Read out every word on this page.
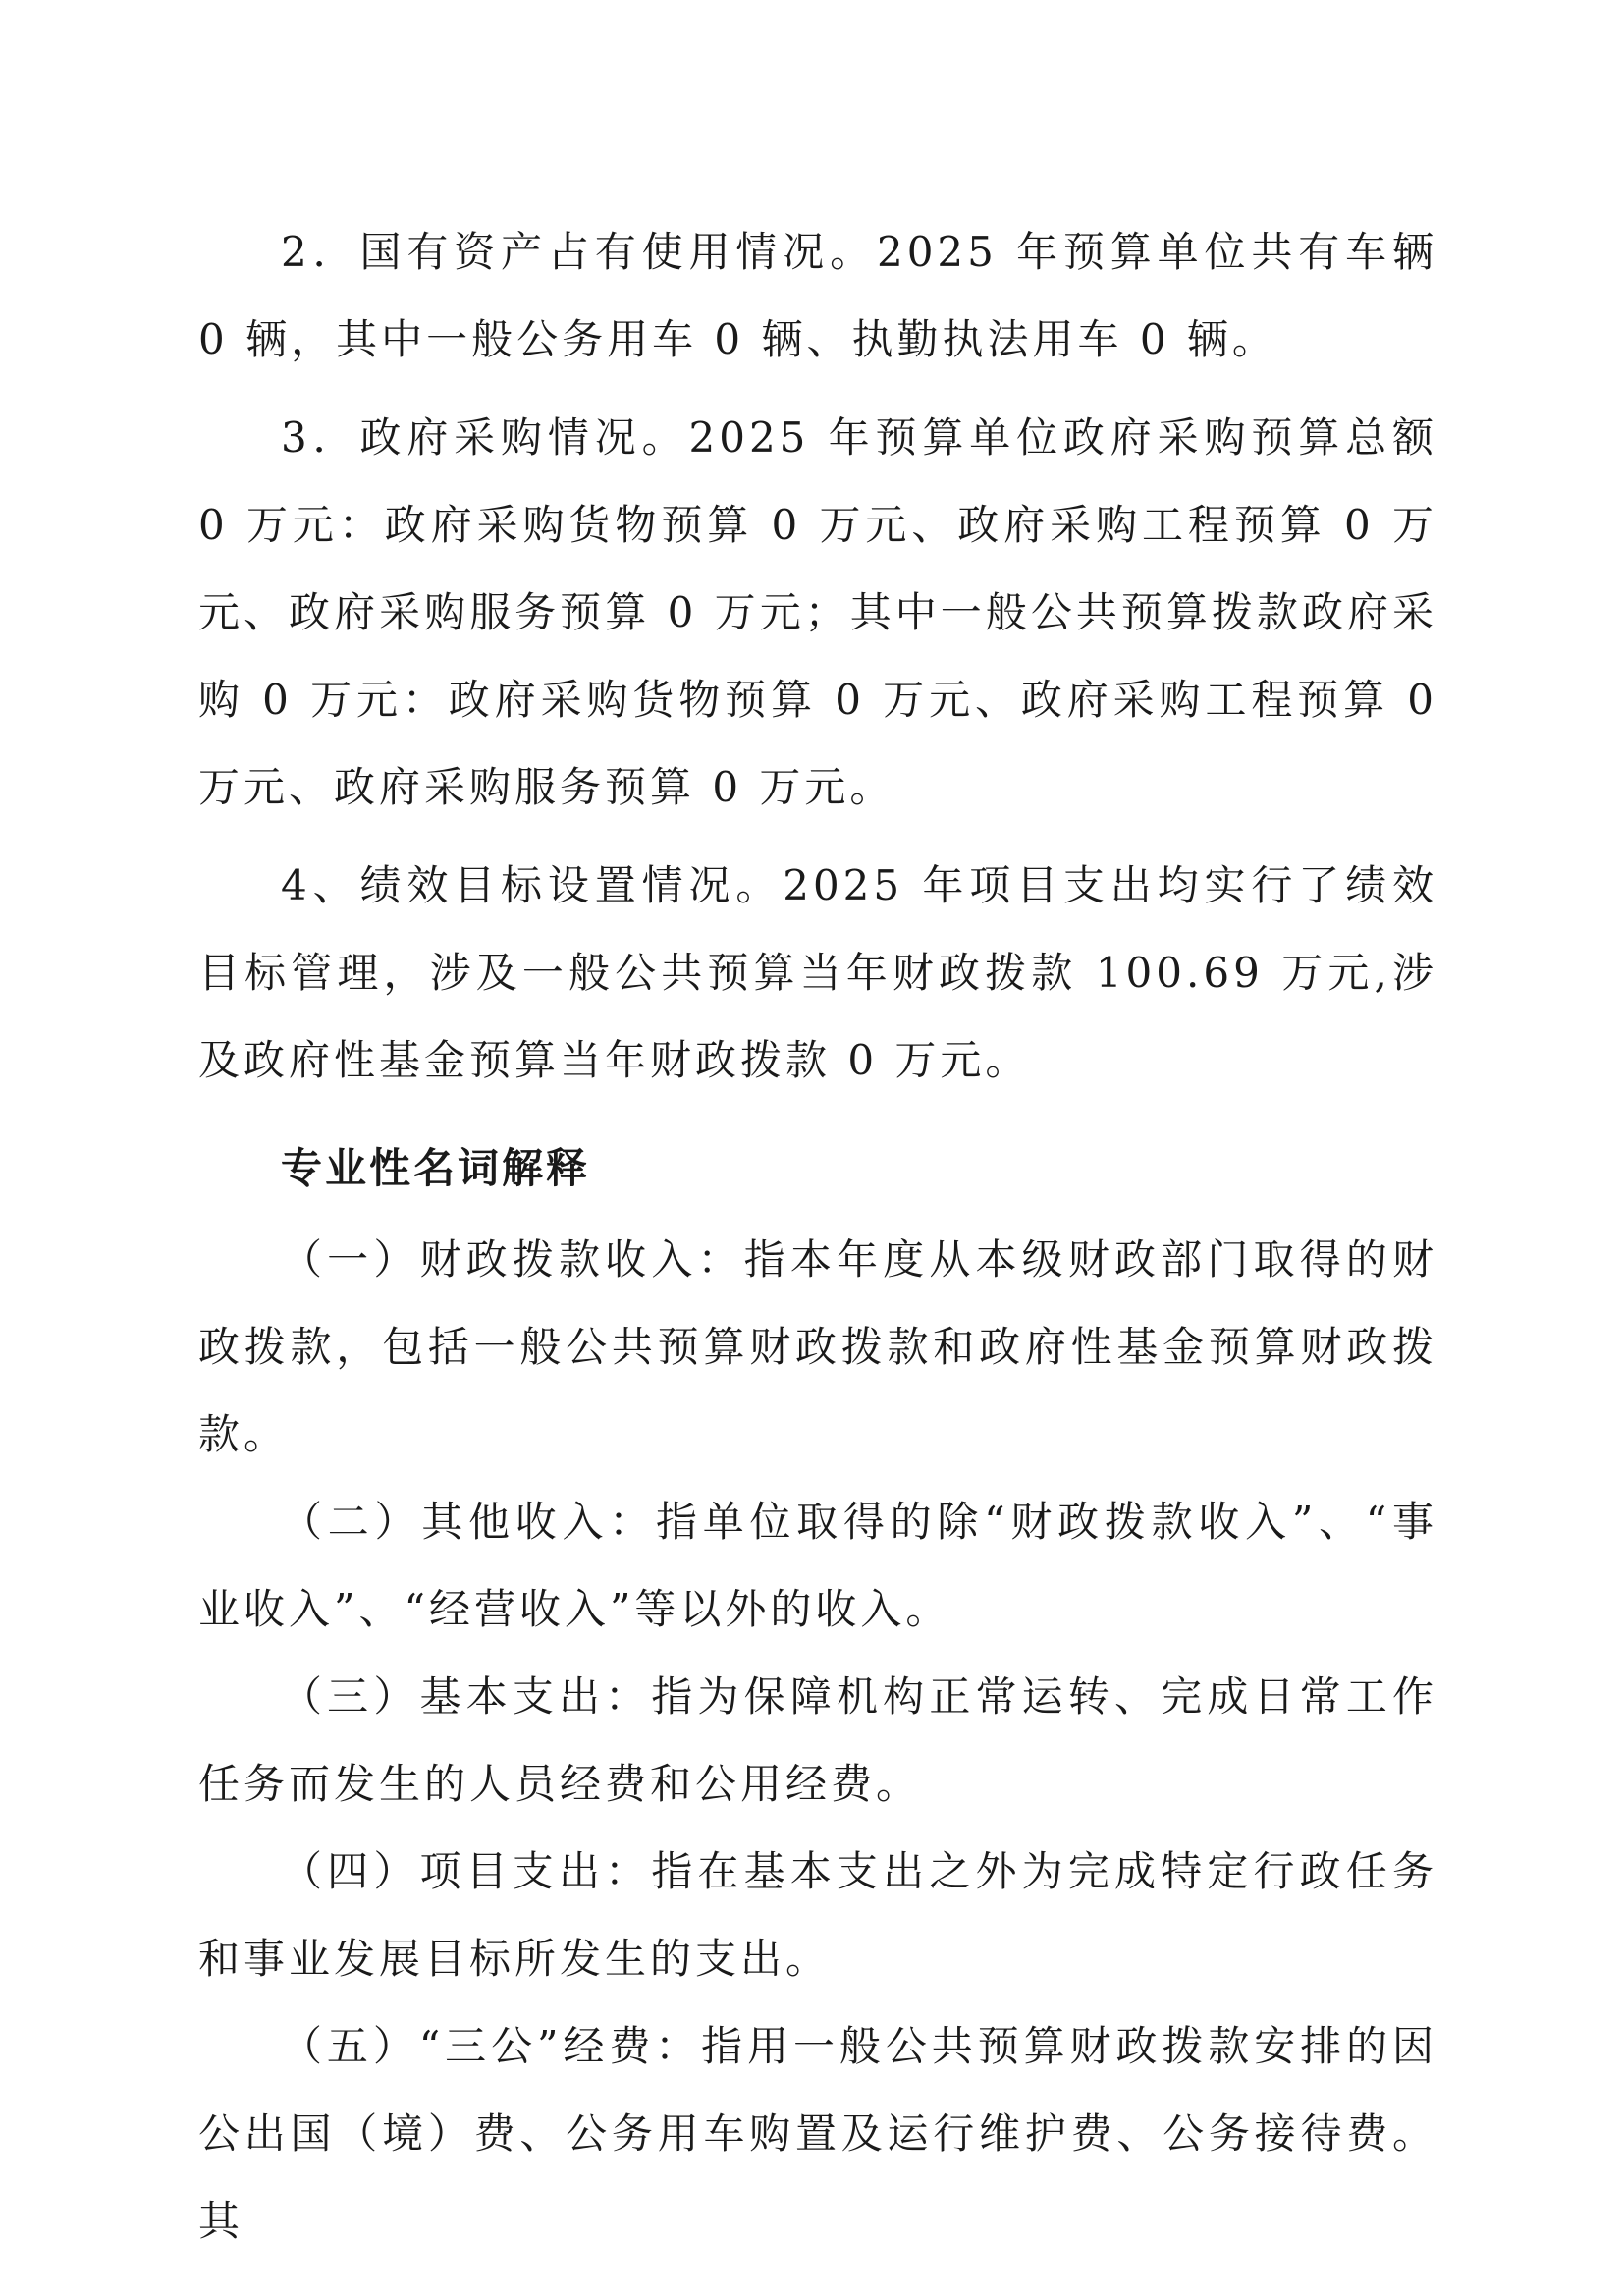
2．国有资产占有使用情况。2025 年预算单位共有车辆 0 辆，其中一般公务用车 0 辆、执勤执法用车 0 辆。

3．政府采购情况。2025 年预算单位政府采购预算总额 0 万元：政府采购货物预算 0 万元、政府采购工程预算 0 万元、政府采购服务预算 0 万元；其中一般公共预算拨款政府采购 0 万元：政府采购货物预算 0 万元、政府采购工程预算 0 万元、政府采购服务预算 0 万元。

4、绩效目标设置情况。2025 年项目支出均实行了绩效目标管理，涉及一般公共预算当年财政拨款 100.69 万元,涉及政府性基金预算当年财政拨款 0 万元。

专业性名词解释

（一）财政拨款收入：指本年度从本级财政部门取得的财政拨款，包括一般公共预算财政拨款和政府性基金预算财政拨款。

（二）其他收入：指单位取得的除“财政拨款收入”、“事业收入”、“经营收入”等以外的收入。

（三）基本支出：指为保障机构正常运转、完成日常工作任务而发生的人员经费和公用经费。

（四）项目支出：指在基本支出之外为完成特定行政任务和事业发展目标所发生的支出。

（五）“三公”经费：指用一般公共预算财政拨款安排的因公出国（境）费、公务用车购置及运行维护费、公务接待费。其
